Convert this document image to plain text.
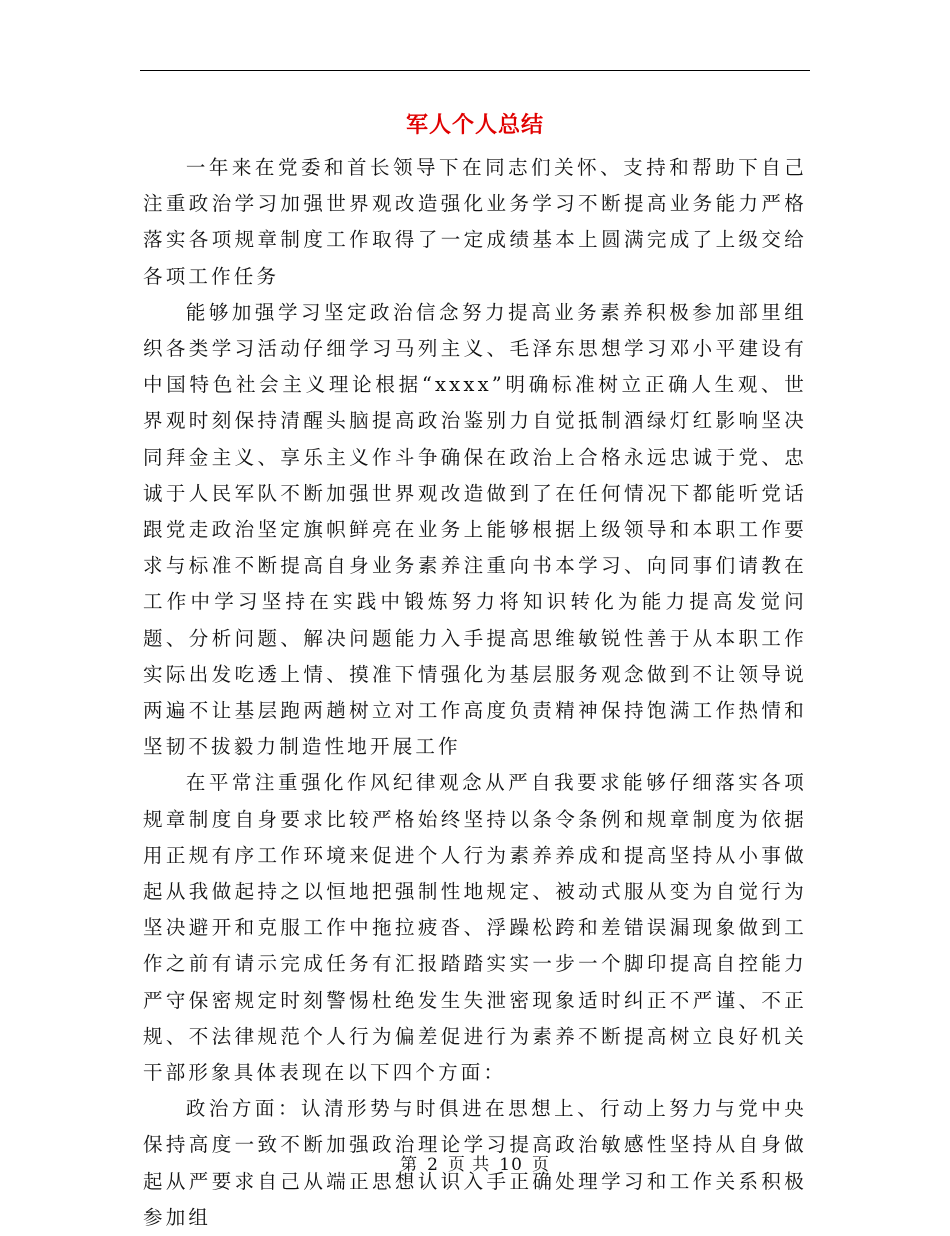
军人个人总结

一年来在党委和首长领导下在同志们关怀、支持和帮助下自己注重政治学习加强世界观改造强化业务学习不断提高业务能力严格落实各项规章制度工作取得了一定成绩基本上圆满完成了上级交给各项工作任务

能够加强学习坚定政治信念努力提高业务素养积极参加部里组织各类学习活动仔细学习马列主义、毛泽东思想学习邓小平建设有中国特色社会主义理论根据“xxxx”明确标准树立正确人生观、世界观时刻保持清醒头脑提高政治鉴别力自觉抵制酒绿灯红影响坚决同拜金主义、享乐主义作斗争确保在政治上合格永远忠诚于党、忠诚于人民军队不断加强世界观改造做到了在任何情况下都能听党话跟党走政治坚定旗帜鲜亮在业务上能够根据上级领导和本职工作要求与标准不断提高自身业务素养注重向书本学习、向同事们请教在工作中学习坚持在实践中锻炼努力将知识转化为能力提高发觉问题、分析问题、解决问题能力入手提高思维敏锐性善于从本职工作实际出发吃透上情、摸准下情强化为基层服务观念做到不让领导说两遍不让基层跑两趟树立对工作高度负责精神保持饱满工作热情和坚韧不拔毅力制造性地开展工作

在平常注重强化作风纪律观念从严自我要求能够仔细落实各项规章制度自身要求比较严格始终坚持以条令条例和规章制度为依据用正规有序工作环境来促进个人行为素养养成和提高坚持从小事做起从我做起持之以恒地把强制性地规定、被动式服从变为自觉行为坚决避开和克服工作中拖拉疲沓、浮躁松跨和差错误漏现象做到工作之前有请示完成任务有汇报踏踏实实一步一个脚印提高自控能力严守保密规定时刻警惕杜绝发生失泄密现象适时纠正不严谨、不正规、不法律规范个人行为偏差促进行为素养不断提高树立良好机关干部形象具体表现在以下四个方面：

政治方面：认清形势与时俱进在思想上、行动上努力与党中央保持高度一致不断加强政治理论学习提高政治敏感性坚持从自身做起从严要求自己从端正思想认识入手正确处理学习和工作关系积极参加组

第 2 页 共 10 页
